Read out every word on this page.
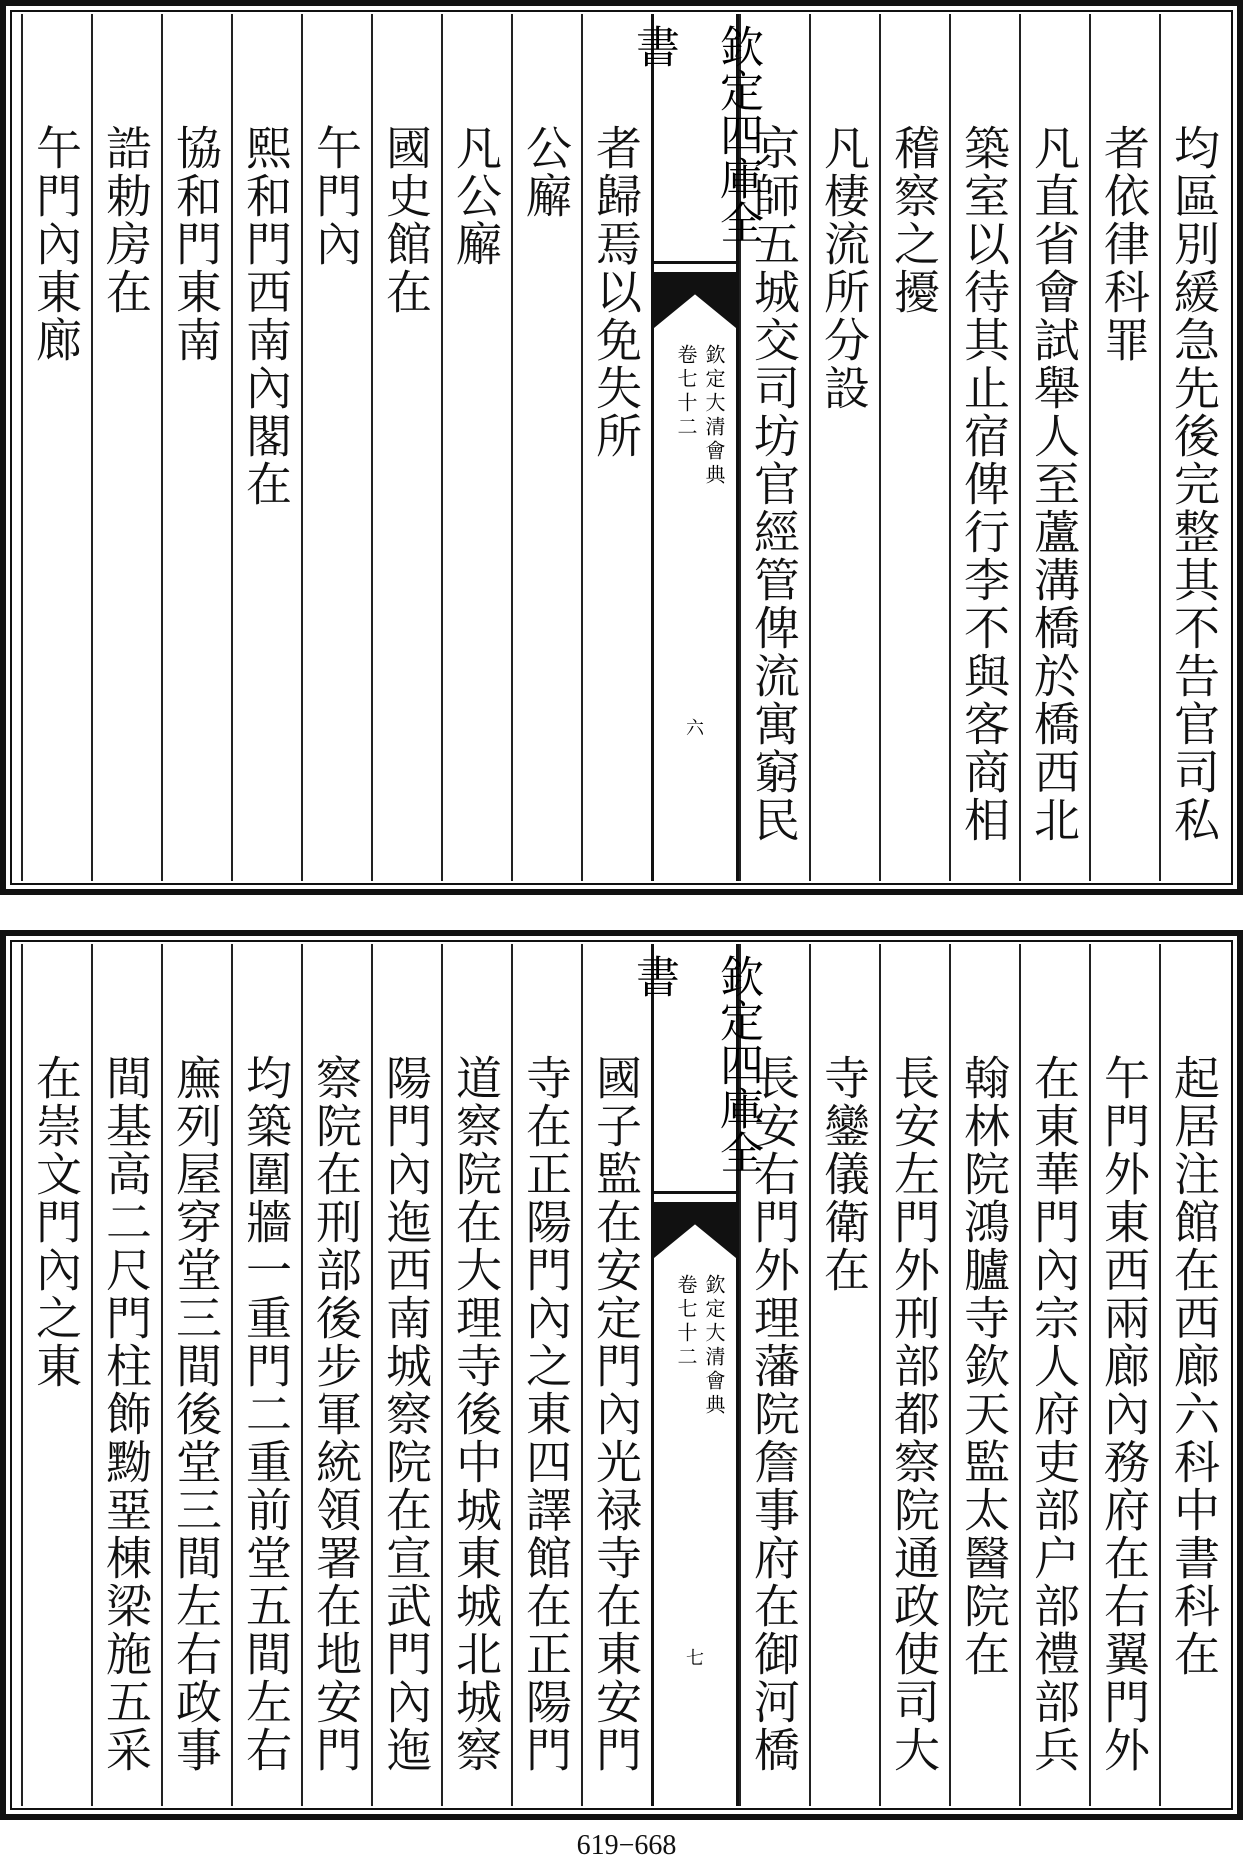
均區別緩急先後完整其不告官司私
者依律科罪
凡直省會試舉人至蘆溝橋於橋西北
築室以待其止宿俾行李不與客商相
稽察之擾
凡棲流所分設
京師五城交司坊官經管俾流寓窮民
欽定四庫全書
欽定大清會典
卷七十二
六
者歸焉以免失所
公廨
凡公廨
國史館在
午門內
熙和門西南內閣在
協和門東南
誥勅房在
午門內東廊
起居注館在西廊六科中書科在
午門外東西兩廊內務府在右翼門外
在東華門內宗人府吏部户部禮部兵
翰林院鴻臚寺欽天監太醫院在
長安左門外刑部都察院通政使司大
寺鑾儀衛在
長安右門外理藩院詹事府在御河橋
欽定四庫全書
欽定大清會典
卷七十二
七
國子監在安定門內光禄寺在東安門
寺在正陽門內之東四譯館在正陽門
道察院在大理寺後中城東城北城察
陽門內迤西南城察院在宣武門內迤
察院在刑部後步軍統領署在地安門
均築圍牆一重門二重前堂五間左右
廡列屋穿堂三間後堂三間左右政事
間基高二尺門柱飾黝堊棟梁施五采
在崇文門內之東
619−668
